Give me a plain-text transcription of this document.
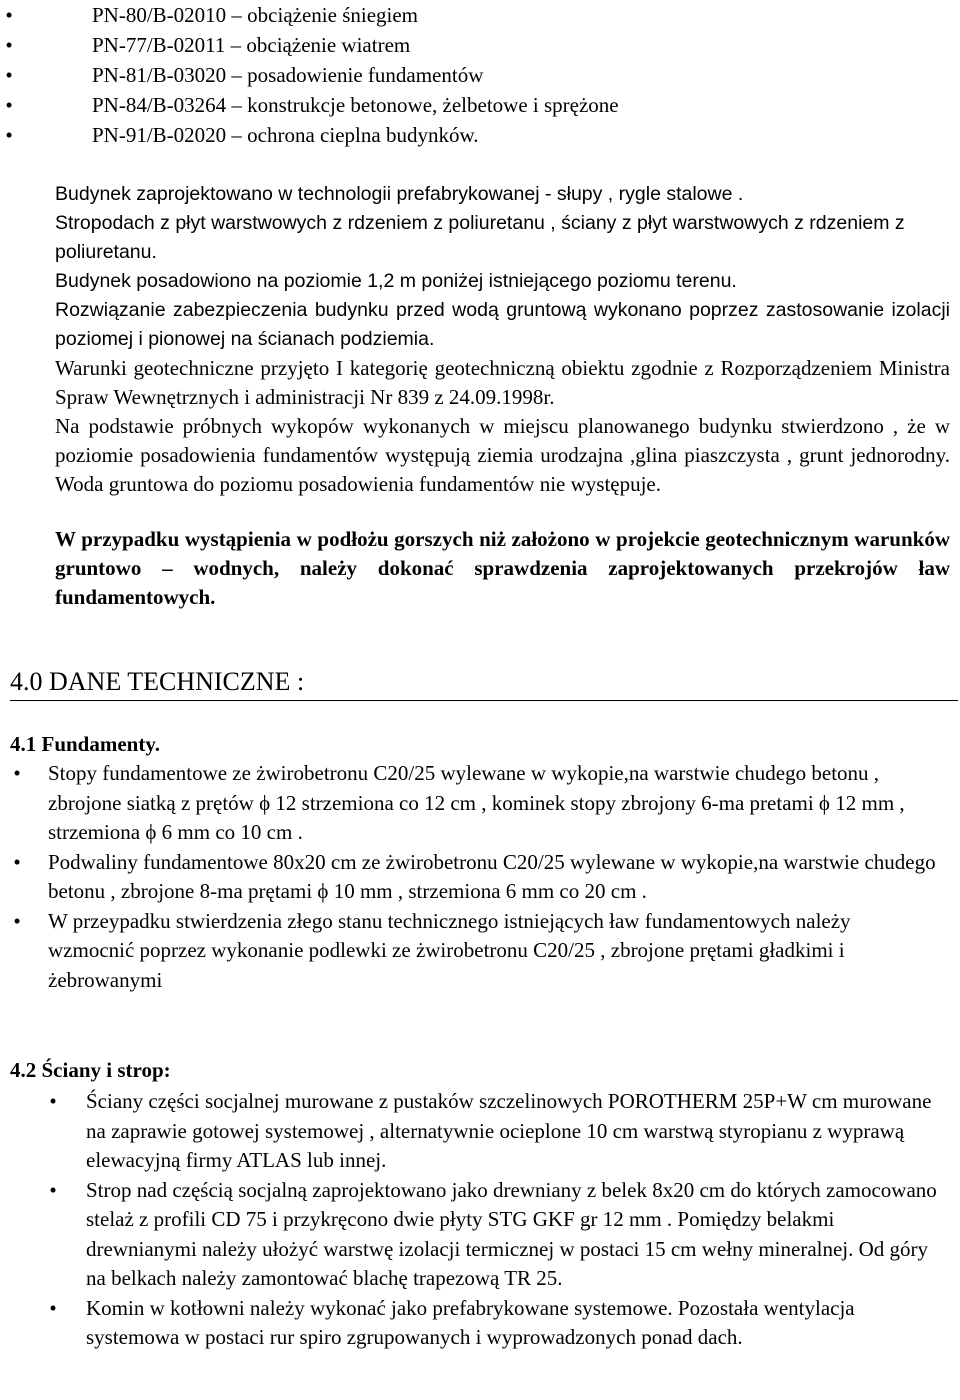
•	PN-80/B-02010 – obciążenie śniegiem
•	PN-77/B-02011 – obciążenie wiatrem
•	PN-81/B-03020 – posadowienie fundamentów
•	PN-84/B-03264 – konstrukcje betonowe, żelbetowe i sprężone
•	PN-91/B-02020 – ochrona cieplna budynków.
Budynek zaprojektowano w technologii prefabrykowanej - słupy , rygle stalowe .
Stropodach z płyt warstwowych z rdzeniem z poliuretanu , ściany z płyt warstwowych z rdzeniem z poliuretanu.
Budynek posadowiono na poziomie 1,2 m poniżej istniejącego poziomu terenu.
Rozwiązanie zabezpieczenia budynku przed wodą gruntową wykonano poprzez zastosowanie izolacji poziomej i pionowej na ścianach podziemia.
Warunki geotechniczne przyjęto I kategorię geotechniczną obiektu zgodnie z Rozporządzeniem Ministra Spraw Wewnętrznych i administracji Nr 839 z 24.09.1998r.
Na podstawie próbnych wykopów wykonanych w miejscu planowanego budynku stwierdzono , że w poziomie posadowienia fundamentów występują ziemia urodzajna ,glina piaszczysta , grunt jednorodny. Woda gruntowa do poziomu posadowienia fundamentów nie występuje.
W przypadku wystąpienia w podłożu gorszych niż założono w projekcie geotechnicznym warunków gruntowo – wodnych, należy dokonać sprawdzenia zaprojektowanych przekrojów ław fundamentowych.
4.0 DANE TECHNICZNE :
4.1 Fundamenty.
• Stopy fundamentowe ze żwirobetronu C20/25 wylewane w wykopie,na warstwie chudego betonu , zbrojone siatką z prętów ϕ 12 strzemiona co 12 cm , kominek stopy zbrojony 6-ma pretami ϕ 12 mm , strzemiona ϕ 6 mm co 10 cm .
• Podwaliny fundamentowe 80x20 cm ze żwirobetronu C20/25 wylewane w wykopie,na warstwie chudego betonu , zbrojone 8-ma prętami ϕ 10 mm , strzemiona 6 mm co 20 cm .
• W przeypadku stwierdzenia złego stanu technicznego istniejących ław fundamentowych należy wzmocnić poprzez wykonanie podlewki ze żwirobetronu C20/25 , zbrojone prętami gładkimi i żebrowanymi
4.2 Ściany i strop:
• Ściany części socjalnej murowane z pustaków szczelinowych POROTHERM 25P+W cm murowane na zaprawie gotowej systemowej , alternatywnie ocieplone 10 cm warstwą styropianu z wyprawą elewacyjną firmy ATLAS lub innej.
• Strop nad częścią socjalną zaprojektowano jako drewniany z belek 8x20 cm do których zamocowano stelaż z profili CD 75 i przykręcono dwie płyty STG GKF gr 12 mm . Pomiędzy belakmi drewnianymi należy ułożyć warstwę izolacji termicznej w postaci 15 cm wełny mineralnej. Od góry na belkach należy zamontować blachę trapezową TR 25.
• Komin w kotłowni należy wykonać jako prefabrykowane systemowe. Pozostała wentylacja systemowa w postaci rur spiro zgrupowanych i wyprowadzonych ponad dach.
